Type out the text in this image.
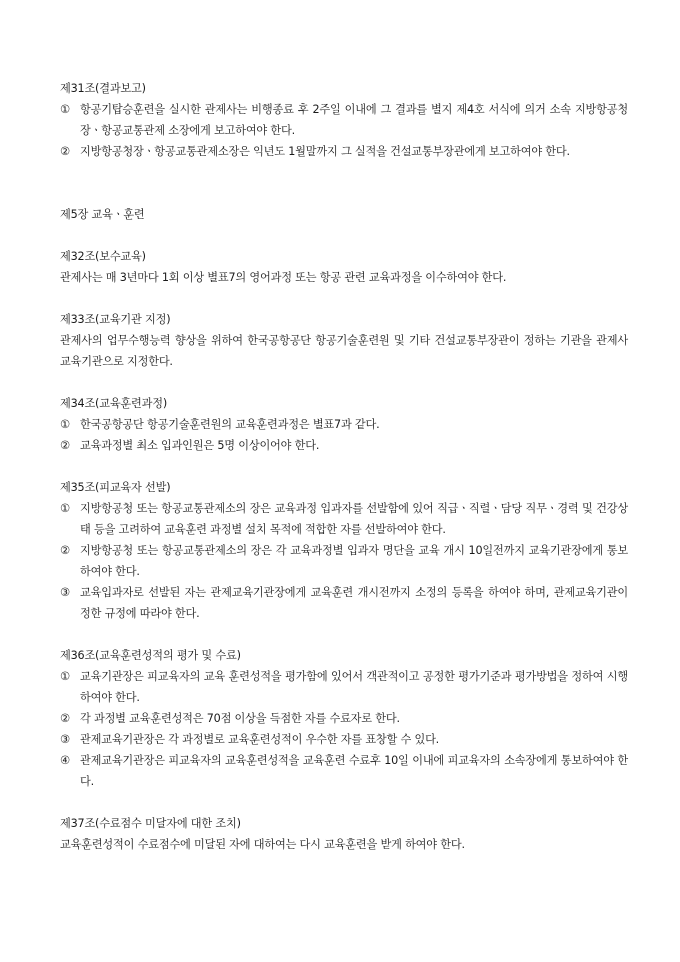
제31조(결과보고)
① 항공기탑승훈련을 실시한 관제사는 비행종료 후 2주일 이내에 그 결과를 별지 제4호 서식에 의거 소속 지방항공청장ㆍ항공교통관제 소장에게 보고하여야 한다.
② 지방항공청장ㆍ항공교통관제소장은 익년도 1월말까지 그 실적을 건설교통부장관에게 보고하여야 한다.
제5장 교육ㆍ훈련
제32조(보수교육)
관제사는 매 3년마다 1회 이상 별표7의 영어과정 또는 항공 관련 교육과정을 이수하여야 한다.
제33조(교육기관 지정)
관제사의 업무수행능력 향상을 위하여 한국공항공단 항공기술훈련원 및 기타 건설교통부장관이 정하는 기관을 관제사 교육기관으로 지정한다.
제34조(교육훈련과정)
① 한국공항공단 항공기술훈련원의 교육훈련과정은 별표7과 같다.
② 교육과정별 최소 입과인원은 5명 이상이어야 한다.
제35조(피교육자 선발)
① 지방항공청 또는 항공교통관제소의 장은 교육과정 입과자를 선발함에 있어 직급ㆍ직렬ㆍ담당 직무ㆍ경력 및 건강상태 등을 고려하여 교육훈련 과정별 설치 목적에 적합한 자를 선발하여야 한다.
② 지방항공청 또는 항공교통관제소의 장은 각 교육과정별 입과자 명단을 교육 개시 10일전까지 교육기관장에게 통보하여야 한다.
③ 교육입과자로 선발된 자는 관제교육기관장에게 교육훈련 개시전까지 소정의 등록을 하여야 하며, 관제교육기관이 정한 규정에 따라야 한다.
제36조(교육훈련성적의 평가 및 수료)
① 교육기관장은 피교육자의 교육 훈련성적을 평가함에 있어서 객관적이고 공정한 평가기준과 평가방법을 정하여 시행하여야 한다.
② 각 과정별 교육훈련성적은 70점 이상을 득점한 자를 수료자로 한다.
③ 관제교육기관장은 각 과정별로 교육훈련성적이 우수한 자를 표창할 수 있다.
④ 관제교육기관장은 피교육자의 교육훈련성적을 교육훈련 수료후 10일 이내에 피교육자의 소속장에게 통보하여야 한다.
제37조(수료점수 미달자에 대한 조치)
교육훈련성적이 수료점수에 미달된 자에 대하여는 다시 교육훈련을 받게 하여야 한다.
